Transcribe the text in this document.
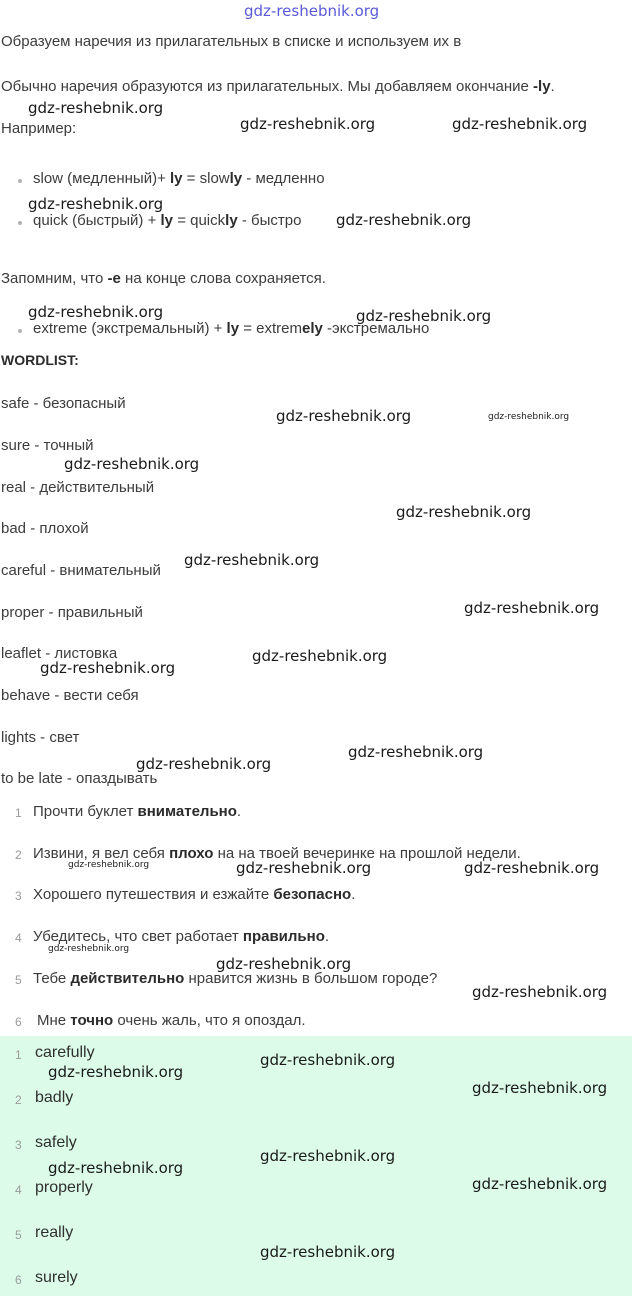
gdz-reshebnik.org
Образуем наречия из прилагательных в списке и используем их в
Обычно наречия образуются из прилагательных. Мы добавляем окончание -ly.
Например:
slow (медленный)+ ly = slowly - медленно
quick (быстрый) + ly = quickly - быстро
Запомним, что -e на конце слова сохраняется.
extreme (экстремальный) + ly = extremely -экстремально
WORDLIST:
safe - безопасный
sure - точный
real - действительный
bad - плохой
careful - внимательный
proper - правильный
leaflet - листовка
behave - вести себя
lights - свет
to be late - опаздывать
1 Прочти буклет внимательно.
2 Извини, я вел себя плохо на на твоей вечеринке на прошлой недели.
3 Хорошего путешествия и езжайте безопасно.
4 Убедитесь, что свет работает правильно.
5 Тебе действительно нравится жизнь в большом городе?
6 Мне точно очень жаль, что я опоздал.
1 carefully
2 badly
3 safely
4 properly
5 really
6 surely
gdz-reshebnik.org
gdz-reshebnik.org	gdz-reshebnik.org
gdz-reshebnik.org
gdz-reshebnik.org
gdz-reshebnik.org	gdz-reshebnik.org
gdz-reshebnik.org	gdz-reshebnik.org
gdz-reshebnik.org
gdz-reshebnik.org
gdz-reshebnik.org
gdz-reshebnik.org
gdz-reshebnik.org
gdz-reshebnik.org
gdz-reshebnik.org
gdz-reshebnik.org
gdz-reshebnik.org
gdz-reshebnik.org	gdz-reshebnik.org
gdz-reshebnik.org
gdz-reshebnik.org
gdz-reshebnik.org
gdz-reshebnik.org
gdz-reshebnik.org
gdz-reshebnik.org
gdz-reshebnik.org
gdz-reshebnik.org
gdz-reshebnik.org
gdz-reshebnik.org
